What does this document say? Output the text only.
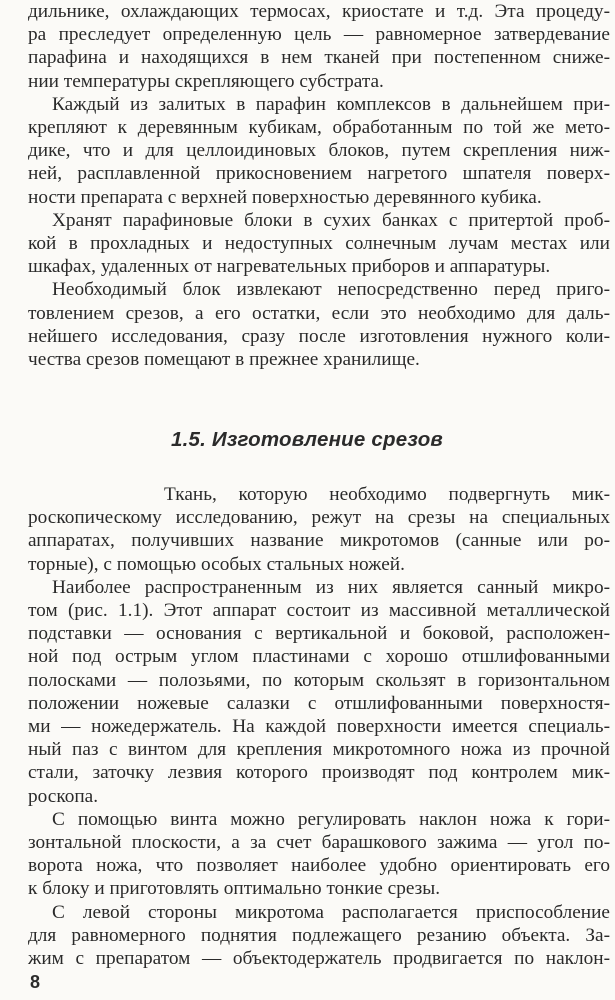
дильнике, охлаждающих термосах, криостате и т.д. Эта процеду-
ра преследует определенную цель — равномерное затвердевание
парафина и находящихся в нем тканей при постепенном сниже-
нии температуры скрепляющего субстрата.

Каждый из залитых в парафин комплексов в дальнейшем при-
крепляют к деревянным кубикам, обработанным по той же мето-
дике, что и для целлоидиновых блоков, путем скрепления ниж-
ней, расплавленной прикосновением нагретого шпателя поверх-
ности препарата с верхней поверхностью деревянного кубика.

Хранят парафиновые блоки в сухих банках с притертой проб-
кой в прохладных и недоступных солнечным лучам местах или
шкафах, удаленных от нагревательных приборов и аппаратуры.

Необходимый блок извлекают непосредственно перед приго-
товлением срезов, а его остатки, если это необходимо для даль-
нейшего исследования, сразу после изготовления нужного коли-
чества срезов помещают в прежнее хранилище.

1.5. Изготовление срезов

Ткань, которую необходимо подвергнуть мик-
роскопическому исследованию, режут на срезы на специальных
аппаратах, получивших название микротомов (санные или ро-
торные), с помощью особых стальных ножей.

Наиболее распространенным из них является санный микро-
том (рис. 1.1). Этот аппарат состоит из массивной металлической
подставки — основания с вертикальной и боковой, расположен-
ной под острым углом пластинами с хорошо отшлифованными
полосками — полозьями, по которым скользят в горизонтальном
положении ножевые салазки с отшлифованными поверхностя-
ми — ножедержатель. На каждой поверхности имеется специаль-
ный паз с винтом для крепления микротомного ножа из прочной
стали, заточку лезвия которого производят под контролем мик-
роскопа.

С помощью винта можно регулировать наклон ножа к гори-
зонтальной плоскости, а за счет барашкового зажима — угол по-
ворота ножа, что позволяет наиболее удобно ориентировать его
к блоку и приготовлять оптимально тонкие срезы.

С левой стороны микротома располагается приспособление
для равномерного поднятия подлежащего резанию объекта. За-
жим с препаратом — объектодержатель продвигается по наклон-

8
